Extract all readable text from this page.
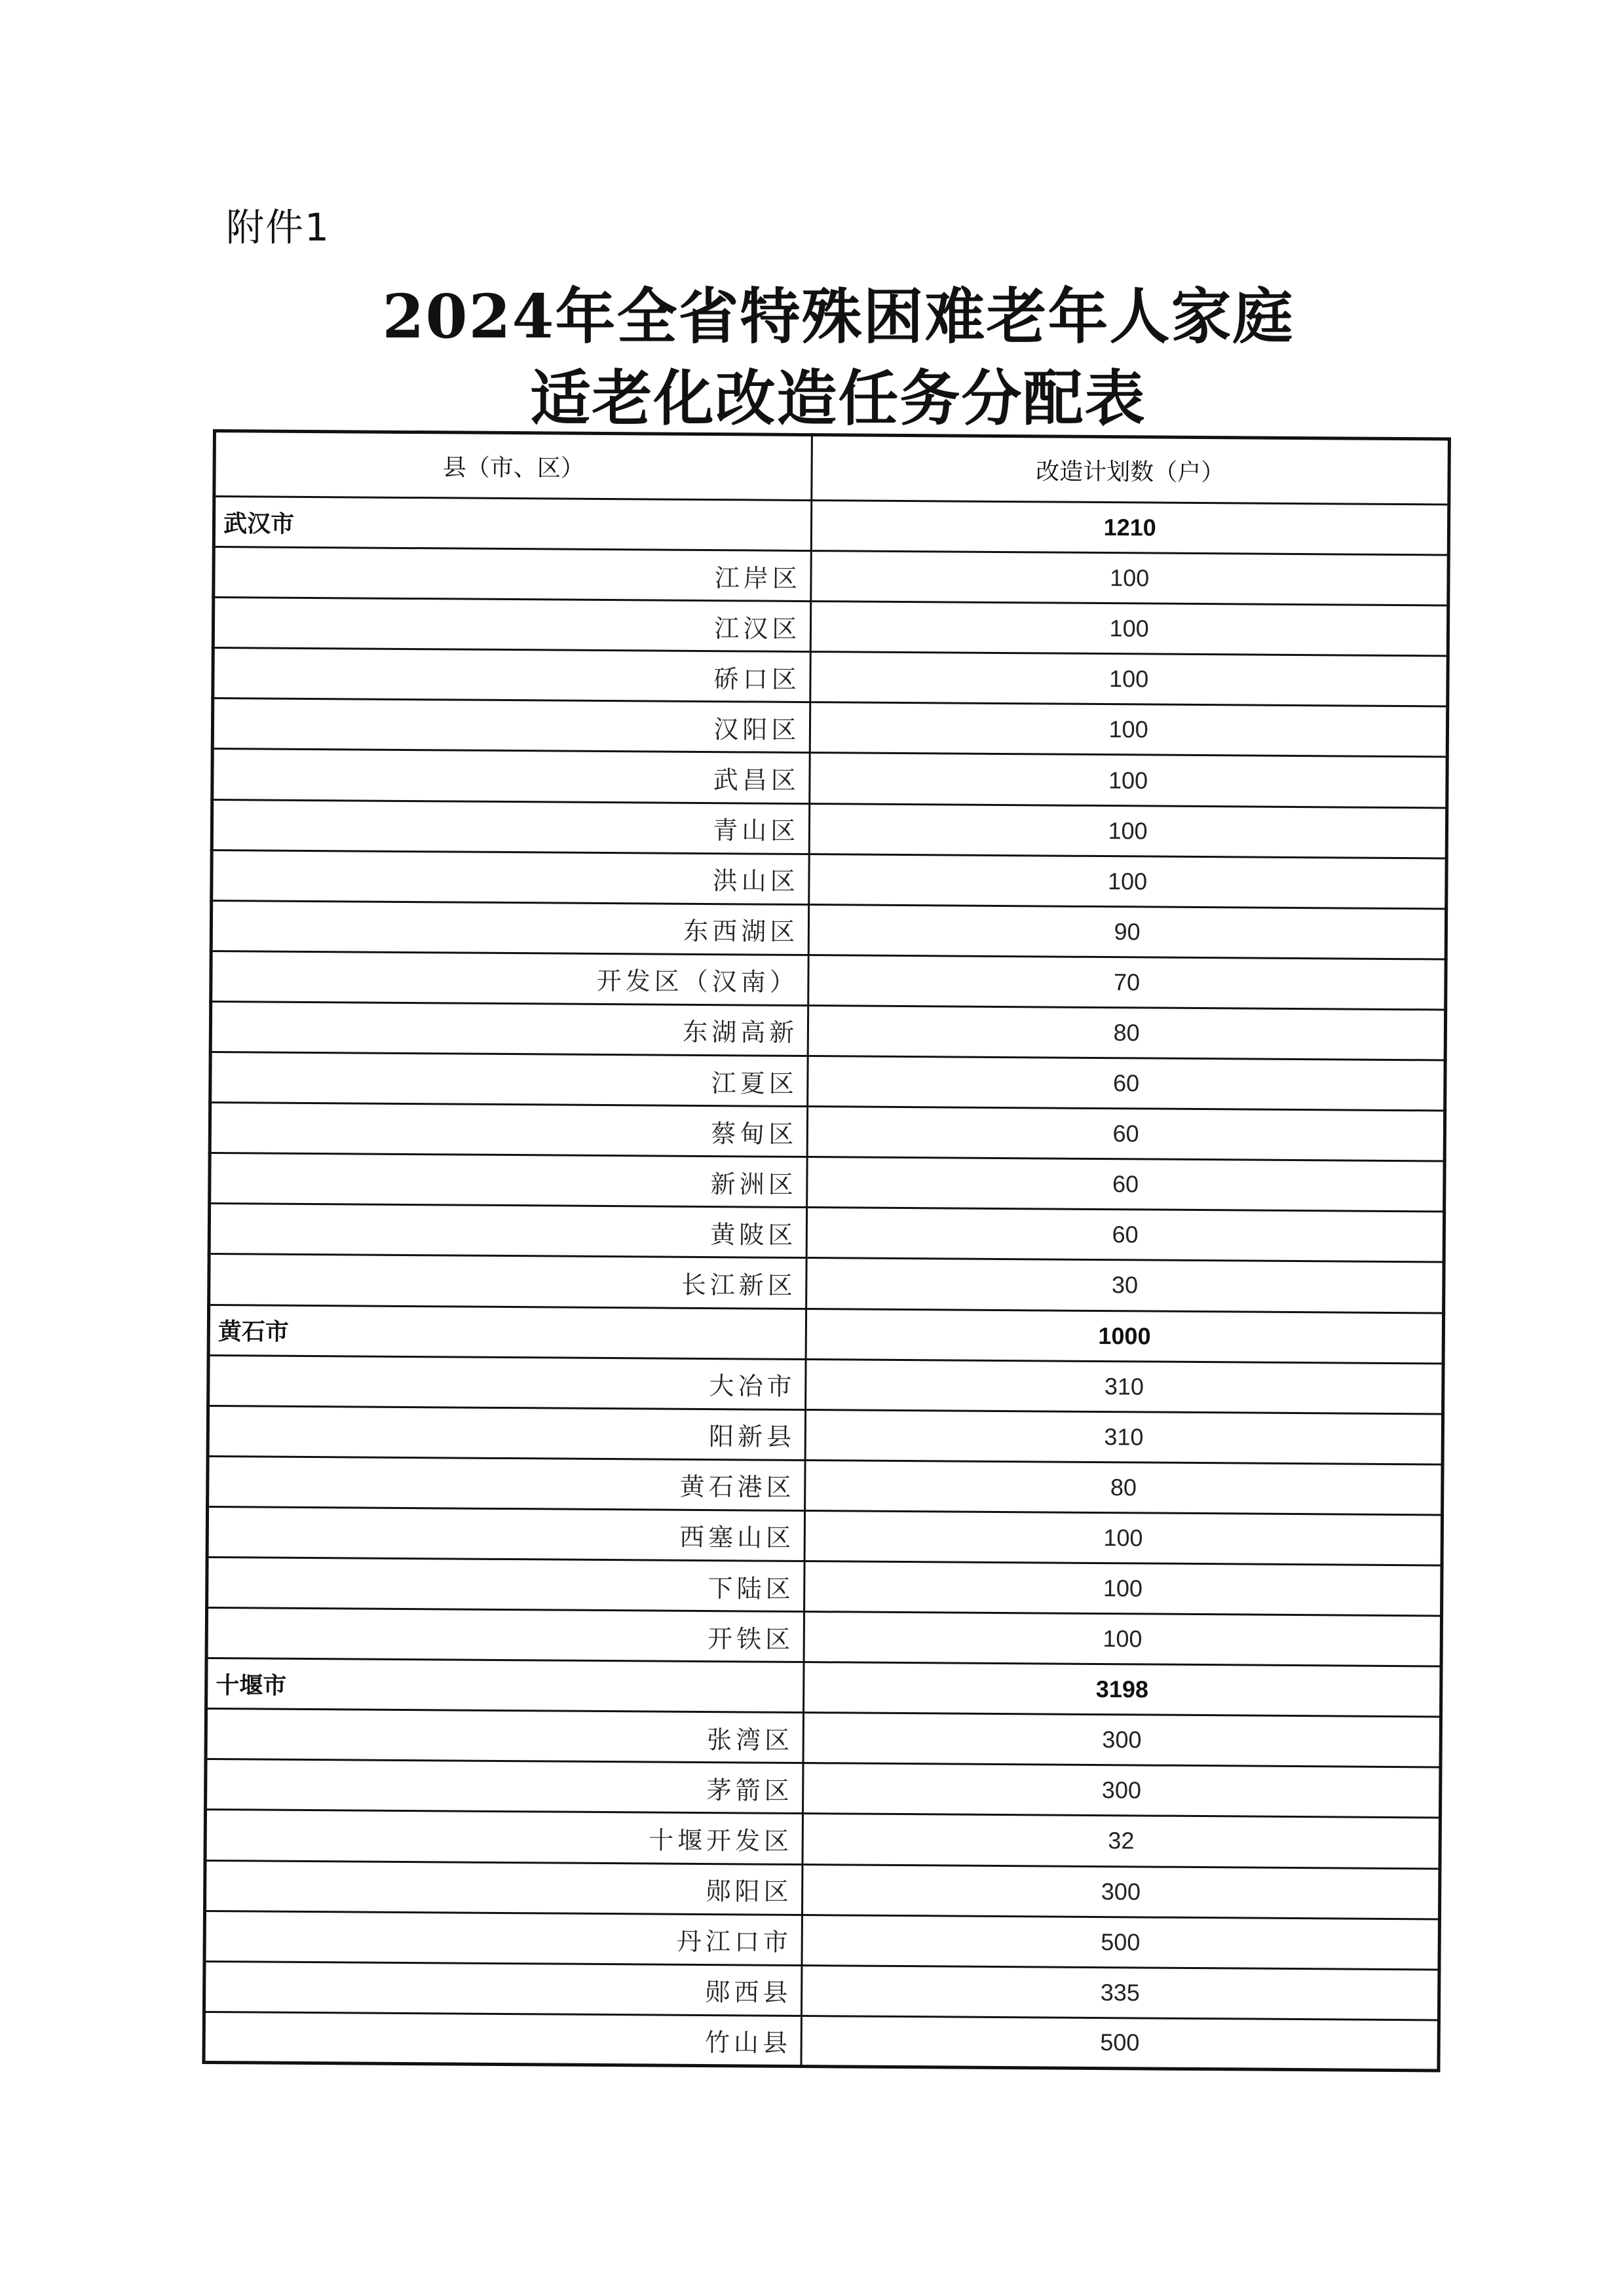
附件1
2024年全省特殊困难老年人家庭
适老化改造任务分配表
县（市、区）	改造计划数（户）
武汉市	1210
江岸区	100
江汉区	100
硚口区	100
汉阳区	100
武昌区	100
青山区	100
洪山区	100
东西湖区	90
开发区（汉南）	70
东湖高新	80
江夏区	60
蔡甸区	60
新洲区	60
黄陂区	60
长江新区	30
黄石市	1000
大冶市	310
阳新县	310
黄石港区	80
西塞山区	100
下陆区	100
开铁区	100
十堰市	3198
张湾区	300
茅箭区	300
十堰开发区	32
郧阳区	300
丹江口市	500
郧西县	335
竹山县	500
